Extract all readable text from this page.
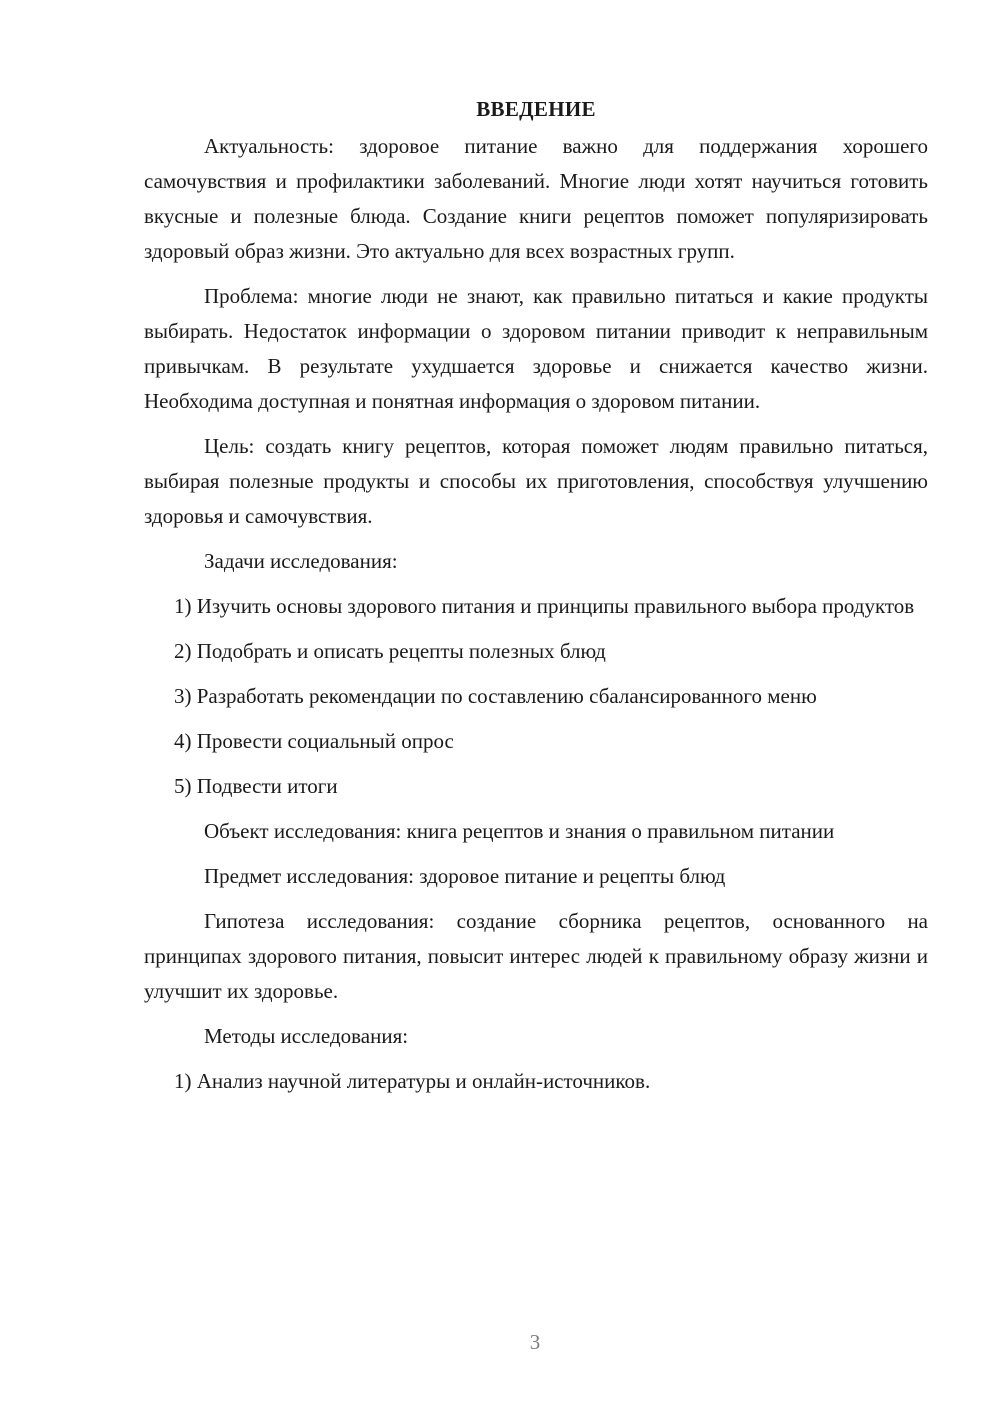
ВВЕДЕНИЕ

Актуальность: здоровое питание важно для поддержания хорошего самочувствия и профилактики заболеваний. Многие люди хотят научиться готовить вкусные и полезные блюда. Создание книги рецептов поможет популяризировать здоровый образ жизни. Это актуально для всех возрастных групп.

Проблема: многие люди не знают, как правильно питаться и какие продукты выбирать. Недостаток информации о здоровом питании приводит к неправильным привычкам. В результате ухудшается здоровье и снижается качество жизни. Необходима доступная и понятная информация о здоровом питании.

Цель: создать книгу рецептов, которая поможет людям правильно питаться, выбирая полезные продукты и способы их приготовления, способствуя улучшению здоровья и самочувствия.

Задачи исследования:

1) Изучить основы здорового питания и принципы правильного выбора продуктов

2) Подобрать и описать рецепты полезных блюд

3) Разработать рекомендации по составлению сбалансированного меню

4) Провести социальный опрос

5) Подвести итоги

Объект исследования: книга рецептов и знания о правильном питании

Предмет исследования: здоровое питание и рецепты блюд

Гипотеза исследования: создание сборника рецептов, основанного на принципах здорового питания, повысит интерес людей к правильному образу жизни и улучшит их здоровье.

Методы исследования:

1) Анализ научной литературы и онлайн-источников.

3
